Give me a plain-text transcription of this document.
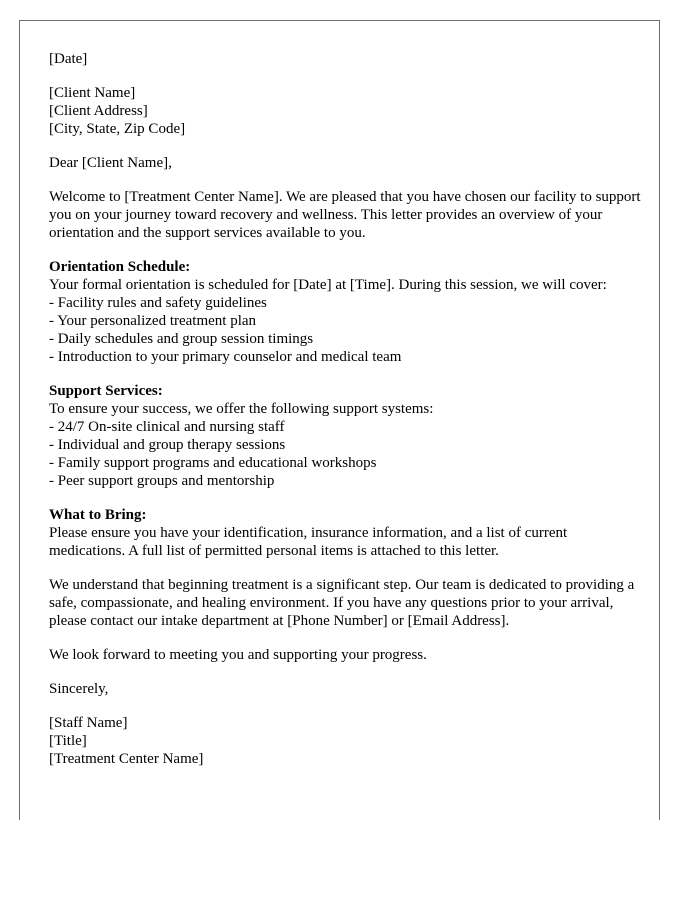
[Date]
[Client Name]
[Client Address]
[City, State, Zip Code]
Dear [Client Name],
Welcome to [Treatment Center Name]. We are pleased that you have chosen our facility to support you on your journey toward recovery and wellness. This letter provides an overview of your orientation and the support services available to you.
Orientation Schedule:
Your formal orientation is scheduled for [Date] at [Time]. During this session, we will cover:
- Facility rules and safety guidelines
- Your personalized treatment plan
- Daily schedules and group session timings
- Introduction to your primary counselor and medical team
Support Services:
To ensure your success, we offer the following support systems:
- 24/7 On-site clinical and nursing staff
- Individual and group therapy sessions
- Family support programs and educational workshops
- Peer support groups and mentorship
What to Bring:
Please ensure you have your identification, insurance information, and a list of current medications. A full list of permitted personal items is attached to this letter.
We understand that beginning treatment is a significant step. Our team is dedicated to providing a safe, compassionate, and healing environment. If you have any questions prior to your arrival, please contact our intake department at [Phone Number] or [Email Address].
We look forward to meeting you and supporting your progress.
Sincerely,
[Staff Name]
[Title]
[Treatment Center Name]
